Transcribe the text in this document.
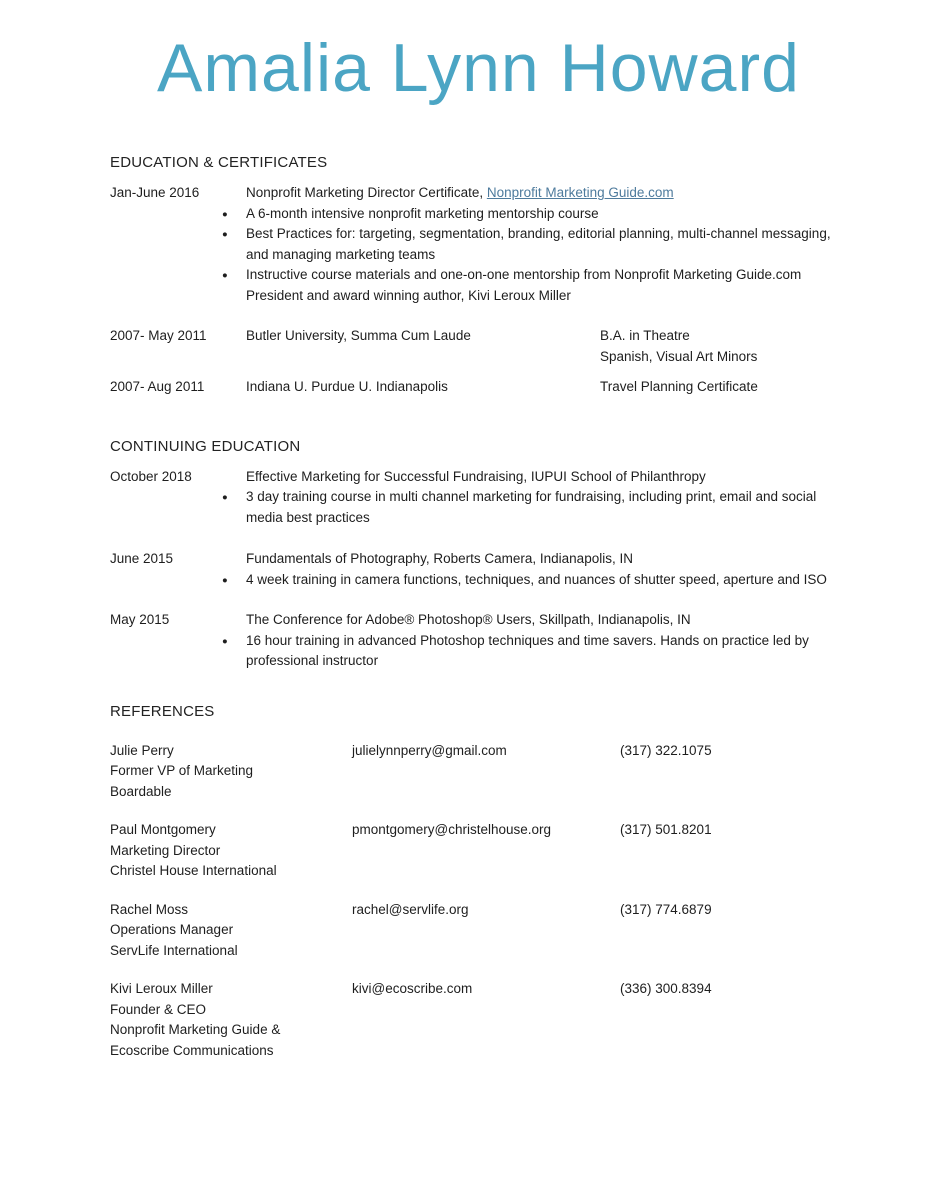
Amalia Lynn Howard
EDUCATION & CERTIFICATES
Jan-June 2016	Nonprofit Marketing Director Certificate, Nonprofit Marketing Guide.com
● A 6-month intensive nonprofit marketing mentorship course
● Best Practices for: targeting, segmentation, branding, editorial planning, multi-channel messaging, and managing marketing teams
● Instructive course materials and one-on-one mentorship from Nonprofit Marketing Guide.com President and award winning author, Kivi Leroux Miller
2007- May 2011	Butler University, Summa Cum Laude	B.A. in Theatre
Spanish, Visual Art Minors
2007- Aug 2011	Indiana U. Purdue U. Indianapolis	Travel Planning Certificate
CONTINUING EDUCATION
October 2018	Effective Marketing for Successful Fundraising, IUPUI School of Philanthropy
● 3 day training course in multi channel marketing for fundraising, including print, email and social media best practices
June 2015	Fundamentals of Photography, Roberts Camera, Indianapolis, IN
● 4 week training in camera functions, techniques, and nuances of shutter speed, aperture and ISO
May 2015	The Conference for Adobe® Photoshop® Users, Skillpath, Indianapolis, IN
● 16 hour training in advanced Photoshop techniques and time savers. Hands on practice led by professional instructor
REFERENCES
Julie Perry
Former VP of Marketing
Boardable
julielynnperry@gmail.com	(317) 322.1075
Paul Montgomery
Marketing Director
Christel House International
pmontgomery@christelhouse.org	(317) 501.8201
Rachel Moss
Operations Manager
ServLife International
rachel@servlife.org	(317) 774.6879
Kivi Leroux Miller
Founder & CEO
Nonprofit Marketing Guide &
Ecoscribe Communications
kivi@ecoscribe.com	(336) 300.8394
